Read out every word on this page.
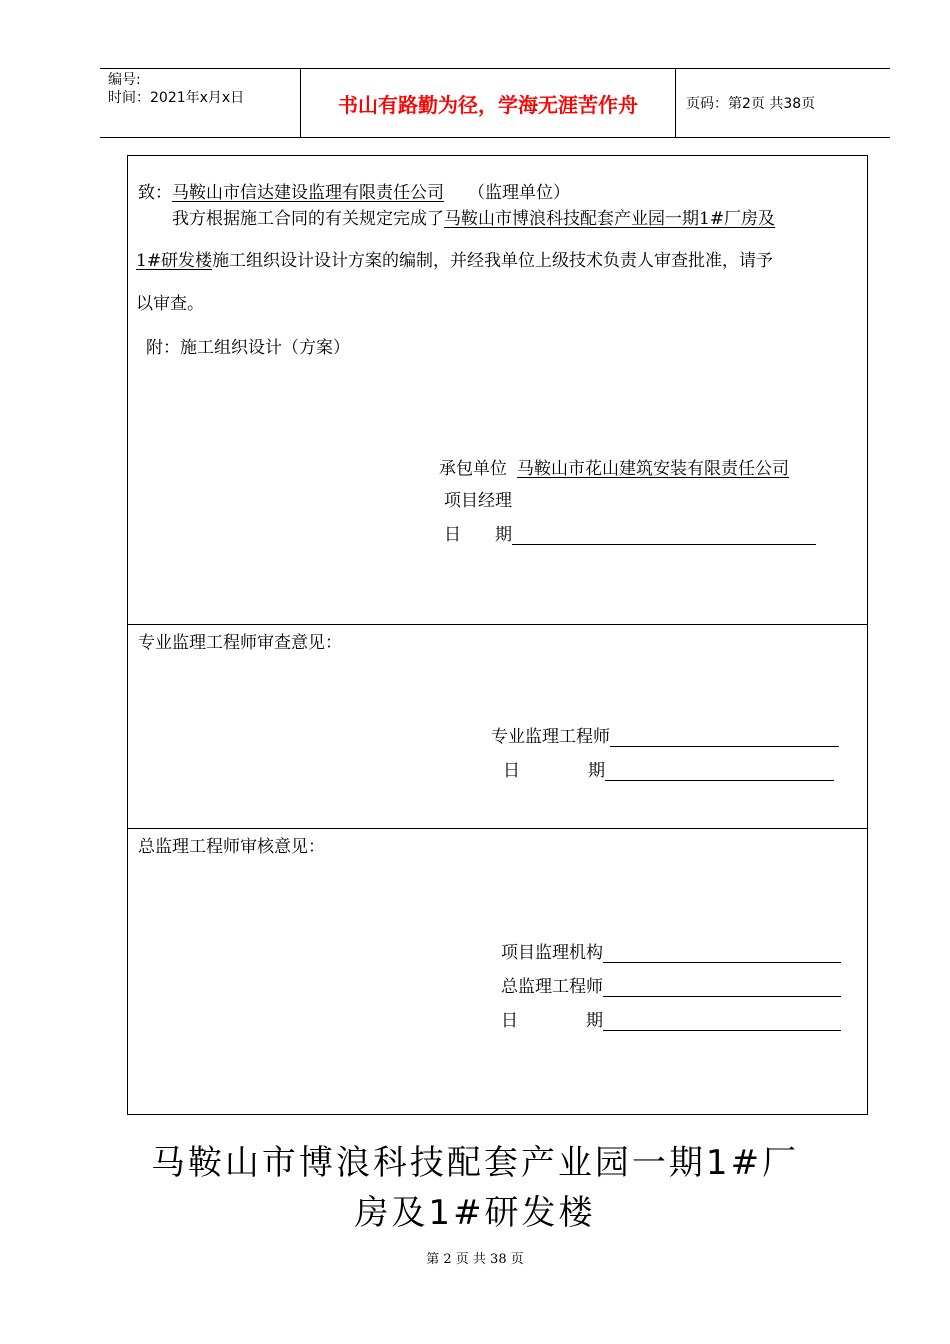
编号:
时间：2021年x月x日	书山有路勤为径，学海无涯苦作舟	页码：第2页 共38页
致：马鞍山市信达建设监理有限责任公司 （监理单位）
我方根据施工合同的有关规定完成了马鞍山市博浪科技配套产业园一期1#厂房及
1#研发楼施工组织设计设计方案的编制，并经我单位上级技术负责人审查批准，请予
以审查。
附：施工组织设计（方案）
承包单位 马鞍山市花山建筑安装有限责任公司
项目经理
日　　期
专业监理工程师审查意见：
专业监理工程师
日　　　　期
总监理工程师审核意见：
项目监理机构
总监理工程师
日　　　　期
马鞍山市博浪科技配套产业园一期1#厂
房及1#研发楼
第 2 页 共 38 页
